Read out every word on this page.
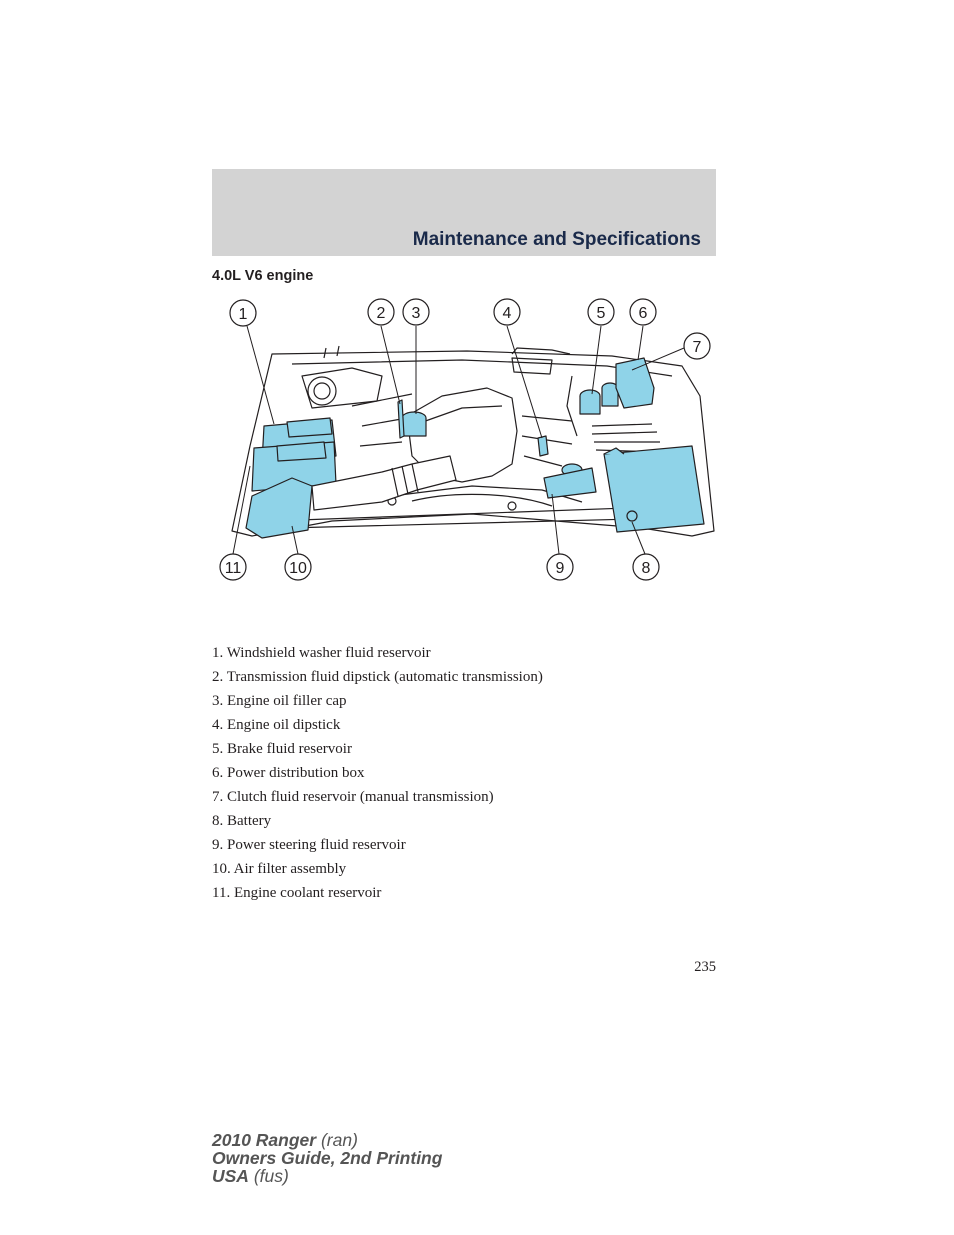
Maintenance and Specifications
4.0L V6 engine
1	2 3	4	5 6
7
8
9
10
11
1. Windshield washer fluid reservoir
2. Transmission fluid dipstick (automatic transmission)
3. Engine oil filler cap
4. Engine oil dipstick
5. Brake fluid reservoir
6. Power distribution box
7. Clutch fluid reservoir (manual transmission)
8. Battery
9. Power steering fluid reservoir
10. Air filter assembly
11. Engine coolant reservoir
235
2010 Ranger (ran)
Owners Guide, 2nd Printing
USA (fus)
